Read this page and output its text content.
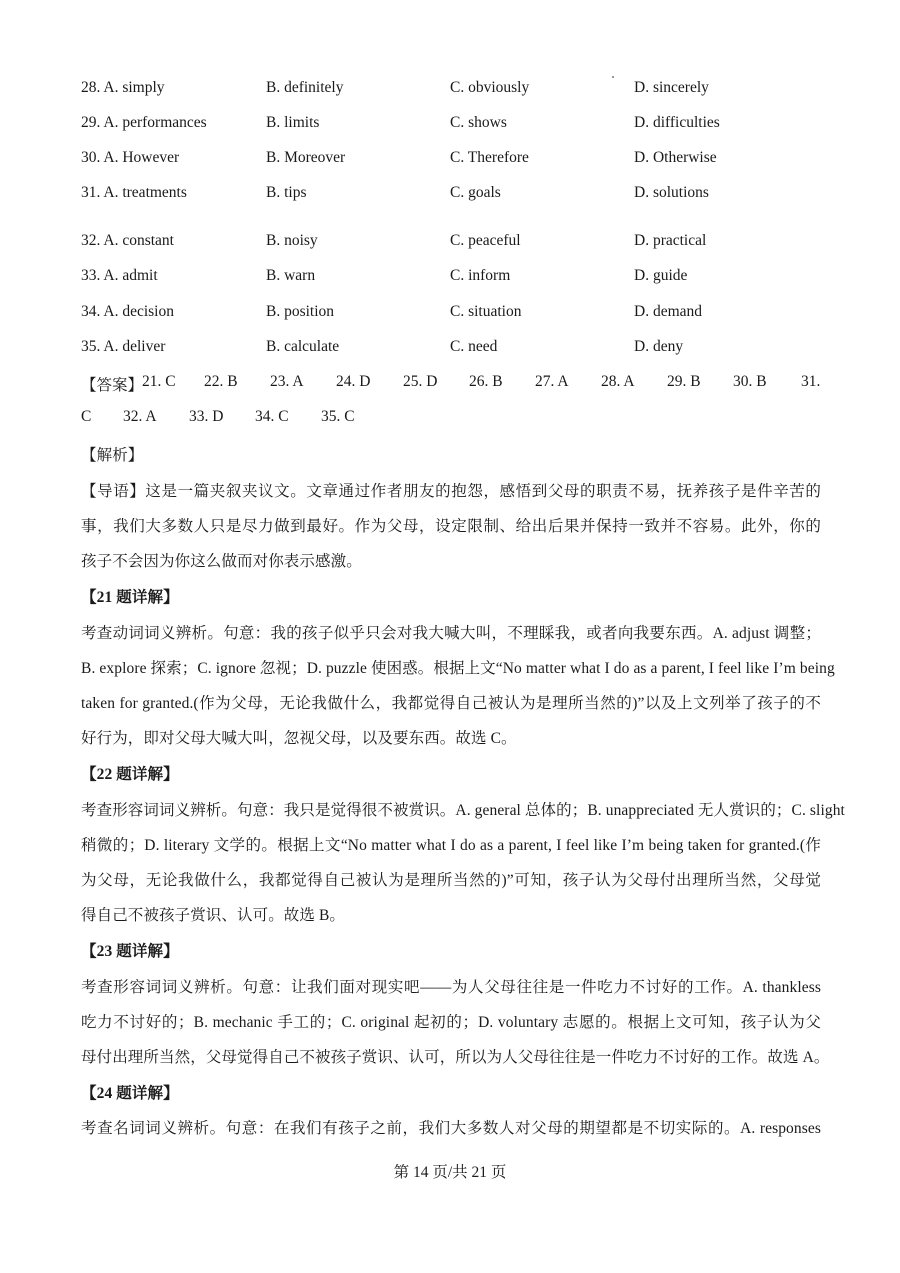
28. A. simply	B. definitely	C. obviously	D. sincerely
29. A. performances	B. limits	C. shows	D. difficulties
30. A. However	B. Moreover	C. Therefore	D. Otherwise
31. A. treatments	B. tips	C. goals	D. solutions
32. A. constant	B. noisy	C. peaceful	D. practical
33. A. admit	B. warn	C. inform	D. guide
34. A. decision	B. position	C. situation	D. demand
35. A. deliver	B. calculate	C. need	D. deny
【答案】
21. C 22. B 23. A 24. D 25. D 26. B 27. A 28. A 29. B 30. B 31.
C 32. A 33. D 34. C 35. C
【解析】
【导语】这是一篇夹叙夹议文。文章通过作者朋友的抱怨，感悟到父母的职责不易，抚养孩子是件辛苦的
事，我们大多数人只是尽力做到最好。作为父母，设定限制、给出后果并保持一致并不容易。此外，你的
孩子不会因为你这么做而对你表示感激。
【21 题详解】
考查动词词义辨析。句意：我的孩子似乎只会对我大喊大叫，不理睬我，或者向我要东西。A. adjust 调整；
B. explore 探索；C. ignore 忽视；D. puzzle 使困惑。根据上文“No matter what I do as a parent, I feel like I’m being
taken for granted.(作为父母，无论我做什么，我都觉得自己被认为是理所当然的)”以及上文列举了孩子的不
好行为，即对父母大喊大叫，忽视父母，以及要东西。故选 C。
【22 题详解】
考查形容词词义辨析。句意：我只是觉得很不被赏识。A. general 总体的；B. unappreciated 无人赏识的；C. slight
稍微的；D. literary 文学的。根据上文“No matter what I do as a parent, I feel like I’m being taken for granted.(作
为父母，无论我做什么，我都觉得自己被认为是理所当然的)”可知，孩子认为父母付出理所当然，父母觉
得自己不被孩子赏识、认可。故选 B。
【23 题详解】
考查形容词词义辨析。句意：让我们面对现实吧——为人父母往往是一件吃力不讨好的工作。A. thankless
吃力不讨好的；B. mechanic 手工的；C. original 起初的；D. voluntary 志愿的。根据上文可知，孩子认为父
母付出理所当然，父母觉得自己不被孩子赏识、认可，所以为人父母往往是一件吃力不讨好的工作。故选 A。
【24 题详解】
考查名词词义辨析。句意：在我们有孩子之前，我们大多数人对父母的期望都是不切实际的。A. responses
第 14 页/共 21 页
